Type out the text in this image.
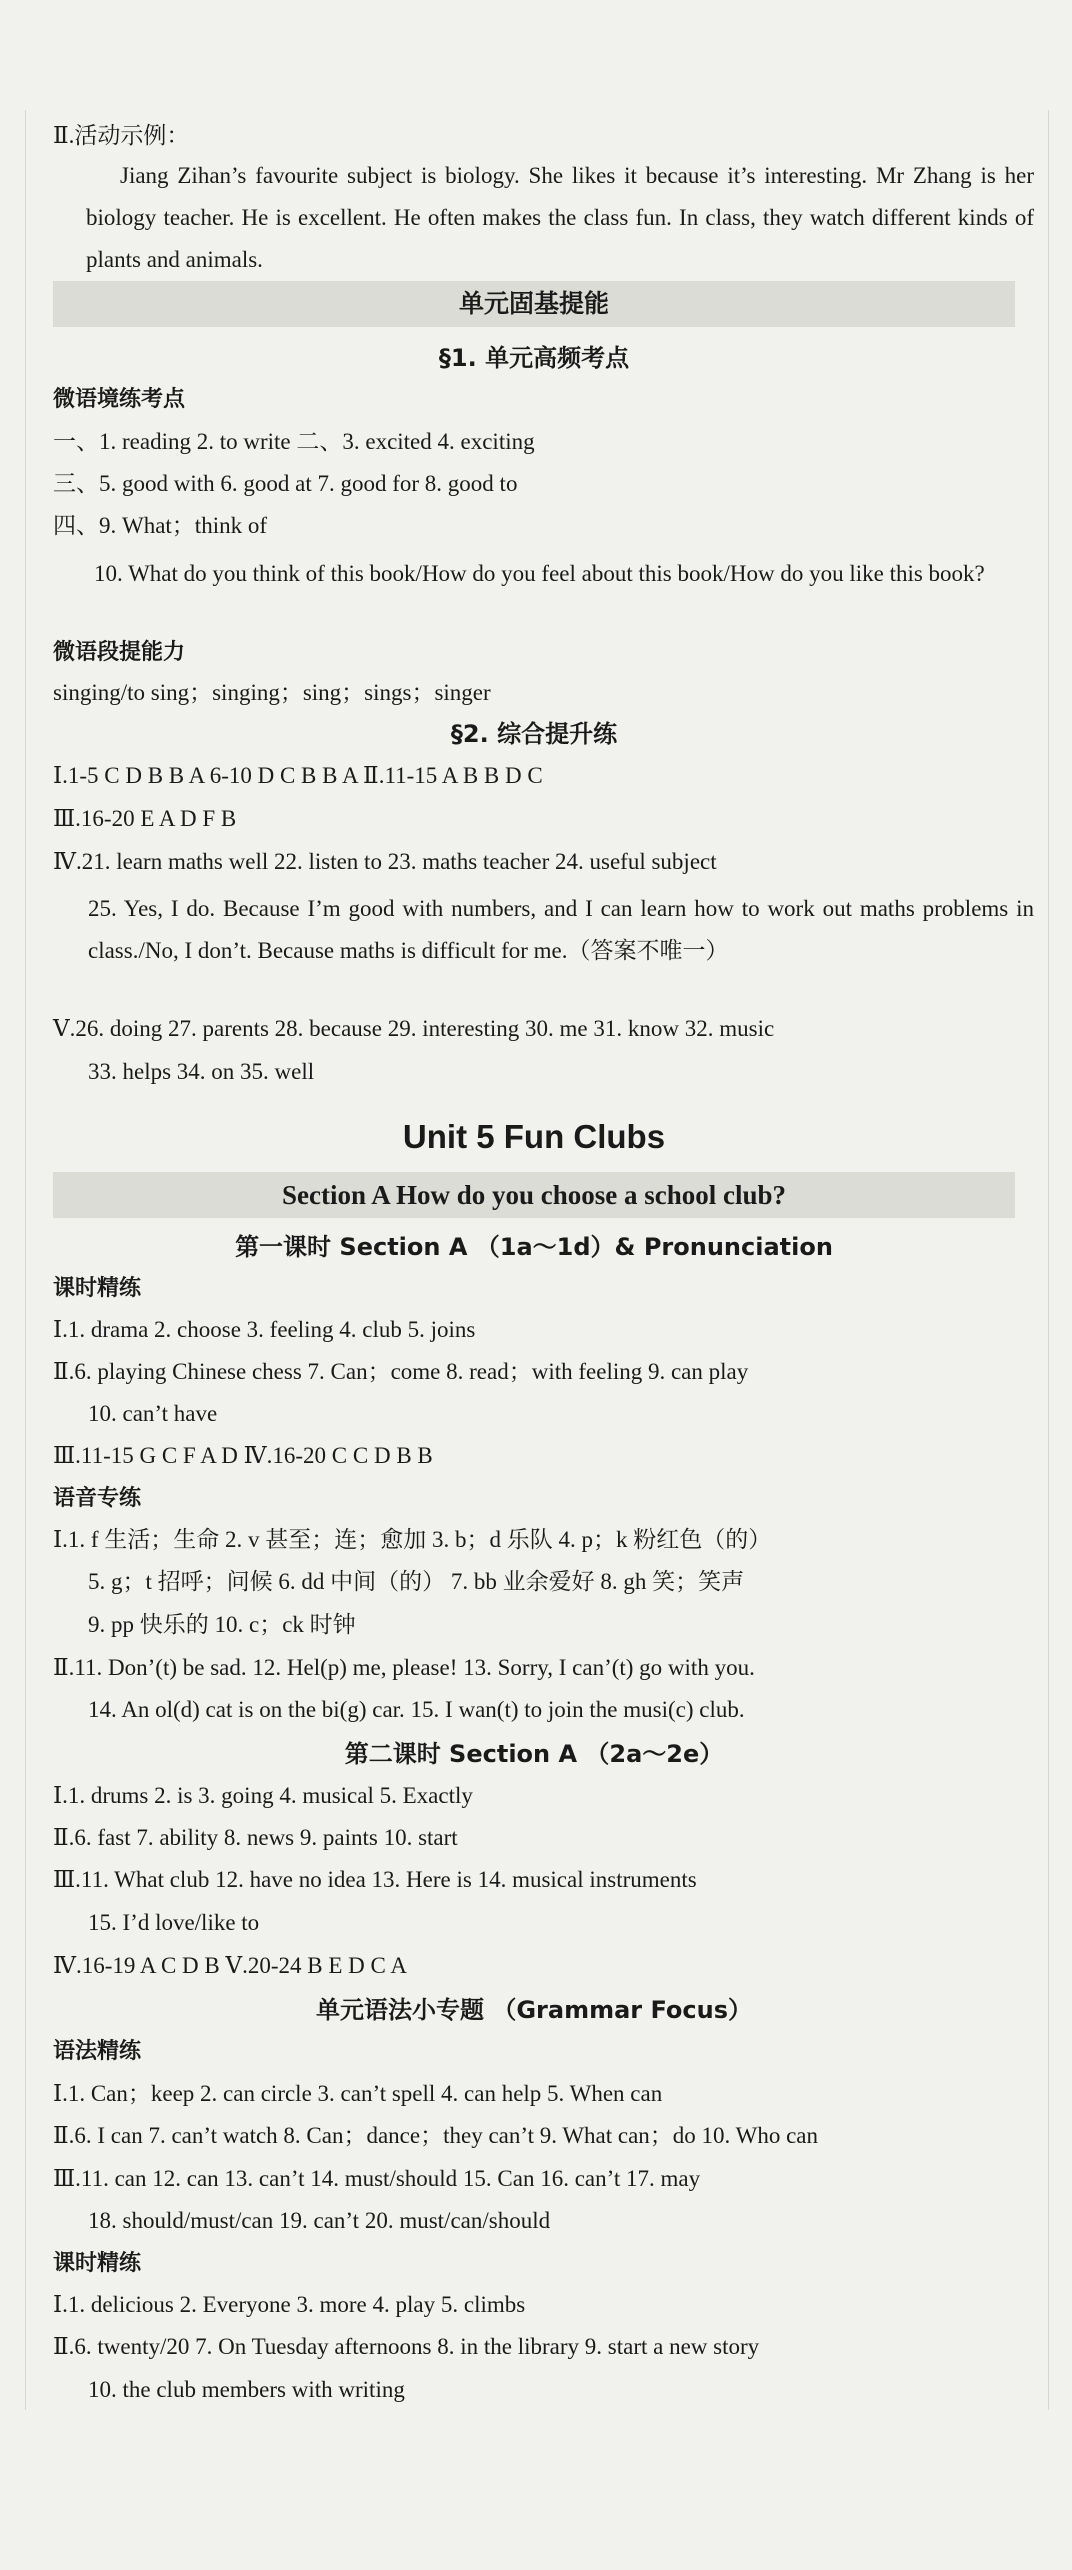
Ⅱ.活动示例：
Jiang Zihan’s favourite subject is biology. She likes it because it’s interesting. Mr Zhang is her biology teacher. He is excellent. He often makes the class fun. In class, they watch different kinds of plants and animals.
单元固基提能
§1. 单元高频考点
微语境练考点
一、1. reading 2. to write 二、3. excited 4. exciting
三、5. good with 6. good at 7. good for 8. good to
四、9. What；think of
10. What do you think of this book/How do you feel about this book/How do you like this book?
微语段提能力
singing/to sing；singing；sing；sings；singer
§2. 综合提升练
Ⅰ.1-5 C D B B A 6-10 D C B B A Ⅱ.11-15 A B B D C
Ⅲ.16-20 E A D F B
Ⅳ.21. learn maths well 22. listen to 23. maths teacher 24. useful subject
25. Yes, I do. Because I’m good with numbers, and I can learn how to work out maths problems in class./No, I don’t. Because maths is difficult for me.（答案不唯一）
Ⅴ.26. doing 27. parents 28. because 29. interesting 30. me 31. know 32. music
33. helps 34. on 35. well
Unit 5 Fun Clubs
Section A How do you choose a school club?
第一课时 Section A （1a～1d）& Pronunciation
课时精练
Ⅰ.1. drama 2. choose 3. feeling 4. club 5. joins
Ⅱ.6. playing Chinese chess 7. Can；come 8. read；with feeling 9. can play
10. can’t have
Ⅲ.11-15 G C F A D Ⅳ.16-20 C C D B B
语音专练
Ⅰ.1. f 生活；生命 2. v 甚至；连；愈加 3. b；d 乐队 4. p；k 粉红色（的）
5. g；t 招呼；问候 6. dd 中间（的） 7. bb 业余爱好 8. gh 笑；笑声
9. pp 快乐的 10. c；ck 时钟
Ⅱ.11. Don’(t) be sad. 12. Hel(p) me, please! 13. Sorry, I can’(t) go with you.
14. An ol(d) cat is on the bi(g) car. 15. I wan(t) to join the musi(c) club.
第二课时 Section A （2a～2e）
Ⅰ.1. drums 2. is 3. going 4. musical 5. Exactly
Ⅱ.6. fast 7. ability 8. news 9. paints 10. start
Ⅲ.11. What club 12. have no idea 13. Here is 14. musical instruments
15. I’d love/like to
Ⅳ.16-19 A C D B Ⅴ.20-24 B E D C A
单元语法小专题 （Grammar Focus）
语法精练
Ⅰ.1. Can；keep 2. can circle 3. can’t spell 4. can help 5. When can
Ⅱ.6. I can 7. can’t watch 8. Can；dance；they can’t 9. What can；do 10. Who can
Ⅲ.11. can 12. can 13. can’t 14. must/should 15. Can 16. can’t 17. may
18. should/must/can 19. can’t 20. must/can/should
课时精练
Ⅰ.1. delicious 2. Everyone 3. more 4. play 5. climbs
Ⅱ.6. twenty/20 7. On Tuesday afternoons 8. in the library 9. start a new story
10. the club members with writing
